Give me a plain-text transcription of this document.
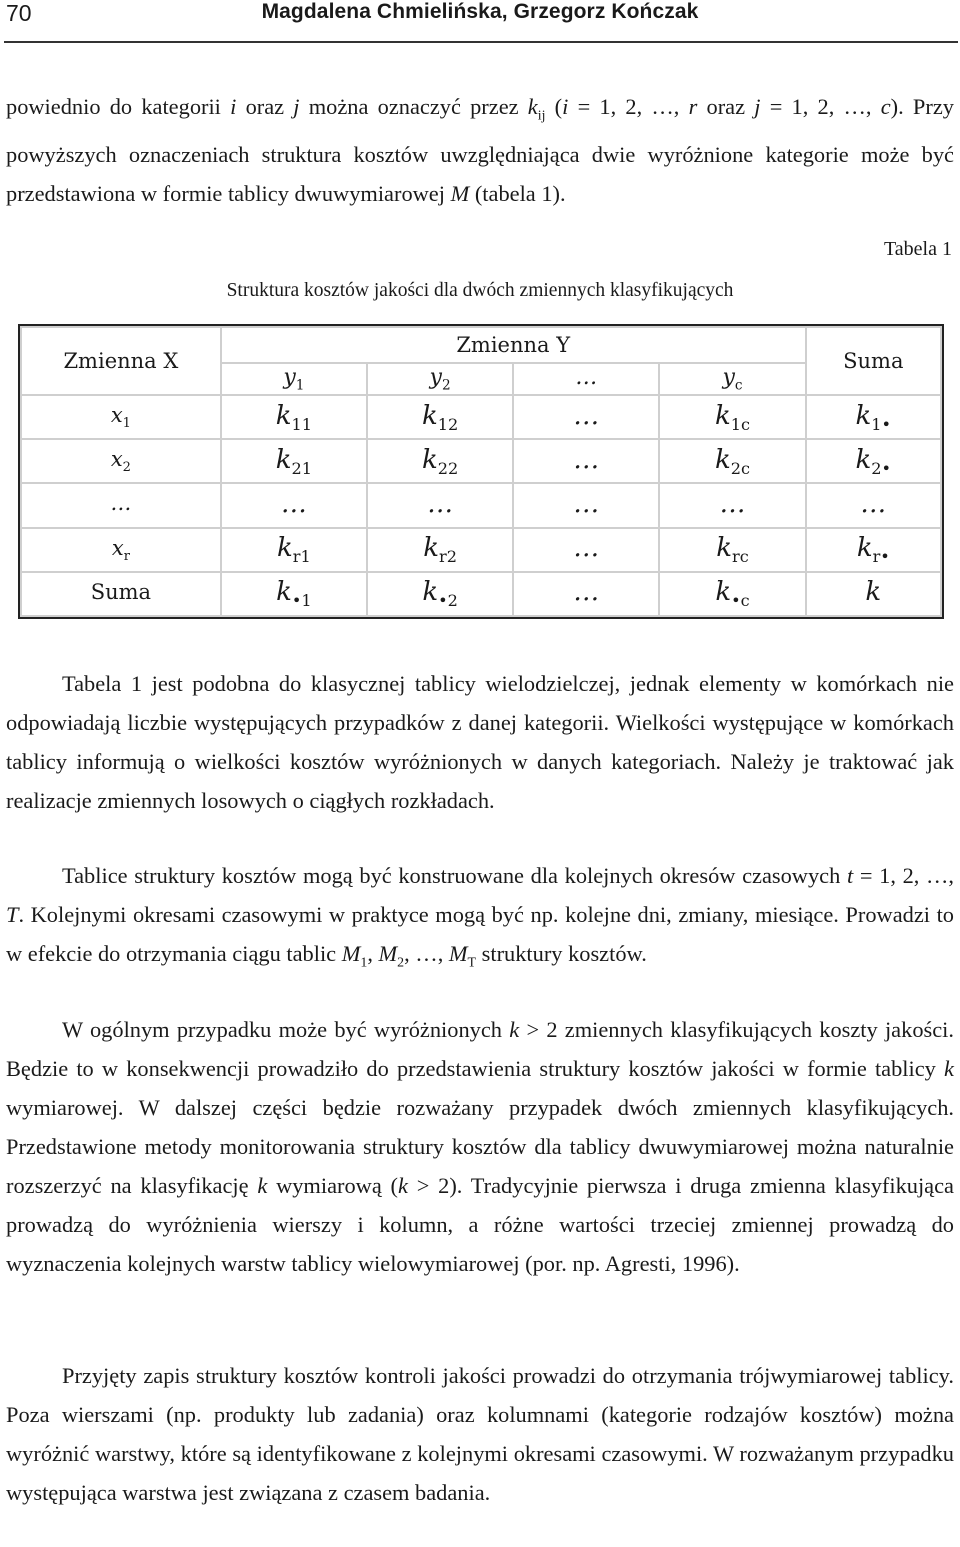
70	Magdalena Chmielińska, Grzegorz Kończak

powiednio do kategorii i oraz j można oznaczyć przez $k_{ij}$ (i = 1, 2, …, r oraz j = 1, 2, …, c). Przy powyższych oznaczeniach struktura kosztów uwzględniająca dwie wyróżnione kategorie może być przedstawiona w formie tablicy dwuwymiarowej M (tabela 1).

Tabela 1
Struktura kosztów jakości dla dwóch zmiennych klasyfikujących
Zmienna X	Zmienna Y				Suma
	$y_1$	$y_2$	…	$y_c$
$x_1$	$k_{11}$	$k_{12}$	…	$k_{1c}$	$k_{1•}$
$x_2$	$k_{21}$	$k_{22}$	…	$k_{2c}$	$k_{2•}$
…	…	…	…	…	…
$x_r$	$k_{r1}$	$k_{r2}$	…	$k_{rc}$	$k_{r•}$
Suma	$k_{•1}$	$k_{•2}$	…	$k_{•c}$	k

Tabela 1 jest podobna do klasycznej tablicy wielodzielczej, jednak elementy w komórkach nie odpowiadają liczbie występujących przypadków z danej kategorii. Wielkości występujące w komórkach tablicy informują o wielkości kosztów wyróżnionych w danych kategoriach. Należy je traktować jak realizacje zmiennych losowych o ciągłych rozkładach.

Tablice struktury kosztów mogą być konstruowane dla kolejnych okresów czasowych t = 1, 2, …, T. Kolejnymi okresami czasowymi w praktyce mogą być np. kolejne dni, zmiany, miesiące. Prowadzi to w efekcie do otrzymania ciągu tablic $M_1$, $M_2$, …, $M_T$ struktury kosztów.

W ogólnym przypadku może być wyróżnionych k > 2 zmiennych klasyfikujących koszty jakości. Będzie to w konsekwencji prowadziło do przedstawienia struktury kosztów jakości w formie tablicy k wymiarowej. W dalszej części będzie rozważany przypadek dwóch zmiennych klasyfikujących. Przedstawione metody monitorowania struktury kosztów dla tablicy dwuwymiarowej można naturalnie rozszerzyć na klasyfikację k wymiarową (k > 2). Tradycyjnie pierwsza i druga zmienna klasyfikująca prowadzą do wyróżnienia wierszy i kolumn, a różne wartości trzeciej zmiennej prowadzą do wyznaczenia kolejnych warstw tablicy wielowymiarowej (por. np. Agresti, 1996).

Przyjęty zapis struktury kosztów kontroli jakości prowadzi do otrzymania trójwymiarowej tablicy. Poza wierszami (np. produkty lub zadania) oraz kolumnami (kategorie rodzajów kosztów) można wyróżnić warstwy, które są identyfikowane z kolejnymi okresami czasowymi. W rozważanym przypadku występująca warstwa jest związana z czasem badania.
